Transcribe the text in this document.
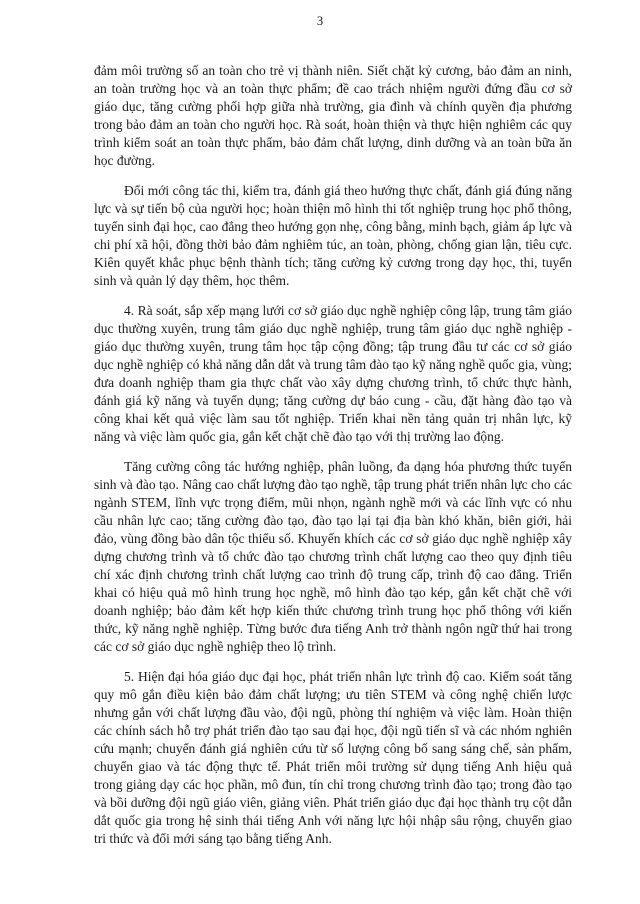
3

đảm môi trường số an toàn cho trẻ vị thành niên. Siết chặt kỷ cương, bảo đảm an ninh, an toàn trường học và an toàn thực phẩm; đề cao trách nhiệm người đứng đầu cơ sở giáo dục, tăng cường phối hợp giữa nhà trường, gia đình và chính quyền địa phương trong bảo đảm an toàn cho người học. Rà soát, hoàn thiện và thực hiện nghiêm các quy trình kiểm soát an toàn thực phẩm, bảo đảm chất lượng, dinh dưỡng và an toàn bữa ăn học đường.

Đổi mới công tác thi, kiểm tra, đánh giá theo hướng thực chất, đánh giá đúng năng lực và sự tiến bộ của người học; hoàn thiện mô hình thi tốt nghiệp trung học phổ thông, tuyển sinh đại học, cao đẳng theo hướng gọn nhẹ, công bằng, minh bạch, giảm áp lực và chi phí xã hội, đồng thời bảo đảm nghiêm túc, an toàn, phòng, chống gian lận, tiêu cực. Kiên quyết khắc phục bệnh thành tích; tăng cường kỷ cương trong dạy học, thi, tuyển sinh và quản lý dạy thêm, học thêm.

4. Rà soát, sắp xếp mạng lưới cơ sở giáo dục nghề nghiệp công lập, trung tâm giáo dục thường xuyên, trung tâm giáo dục nghề nghiệp, trung tâm giáo dục nghề nghiệp - giáo dục thường xuyên, trung tâm học tập cộng đồng; tập trung đầu tư các cơ sở giáo dục nghề nghiệp có khả năng dẫn dắt và trung tâm đào tạo kỹ năng nghề quốc gia, vùng; đưa doanh nghiệp tham gia thực chất vào xây dựng chương trình, tổ chức thực hành, đánh giá kỹ năng và tuyển dụng; tăng cường dự báo cung - cầu, đặt hàng đào tạo và công khai kết quả việc làm sau tốt nghiệp. Triển khai nền tảng quản trị nhân lực, kỹ năng và việc làm quốc gia, gắn kết chặt chẽ đào tạo với thị trường lao động.

Tăng cường công tác hướng nghiệp, phân luồng, đa dạng hóa phương thức tuyển sinh và đào tạo. Nâng cao chất lượng đào tạo nghề, tập trung phát triển nhân lực cho các ngành STEM, lĩnh vực trọng điểm, mũi nhọn, ngành nghề mới và các lĩnh vực có nhu cầu nhân lực cao; tăng cường đào tạo, đào tạo lại tại địa bàn khó khăn, biên giới, hải đảo, vùng đồng bào dân tộc thiểu số. Khuyến khích các cơ sở giáo dục nghề nghiệp xây dựng chương trình và tổ chức đào tạo chương trình chất lượng cao theo quy định tiêu chí xác định chương trình chất lượng cao trình độ trung cấp, trình độ cao đẳng. Triển khai có hiệu quả mô hình trung học nghề, mô hình đào tạo kép, gắn kết chặt chẽ với doanh nghiệp; bảo đảm kết hợp kiến thức chương trình trung học phổ thông với kiến thức, kỹ năng nghề nghiệp. Từng bước đưa tiếng Anh trở thành ngôn ngữ thứ hai trong các cơ sở giáo dục nghề nghiệp theo lộ trình.

5. Hiện đại hóa giáo dục đại học, phát triển nhân lực trình độ cao. Kiểm soát tăng quy mô gắn điều kiện bảo đảm chất lượng; ưu tiên STEM và công nghệ chiến lược nhưng gắn với chất lượng đầu vào, đội ngũ, phòng thí nghiệm và việc làm. Hoàn thiện các chính sách hỗ trợ phát triển đào tạo sau đại học, đội ngũ tiến sĩ và các nhóm nghiên cứu mạnh; chuyển đánh giá nghiên cứu từ số lượng công bố sang sáng chế, sản phẩm, chuyển giao và tác động thực tế. Phát triển môi trường sử dụng tiếng Anh hiệu quả trong giảng dạy các học phần, mô đun, tín chỉ trong chương trình đào tạo; trong đào tạo và bồi dưỡng đội ngũ giáo viên, giảng viên. Phát triển giáo dục đại học thành trụ cột dẫn dắt quốc gia trong hệ sinh thái tiếng Anh với năng lực hội nhập sâu rộng, chuyển giao tri thức và đổi mới sáng tạo bằng tiếng Anh.
